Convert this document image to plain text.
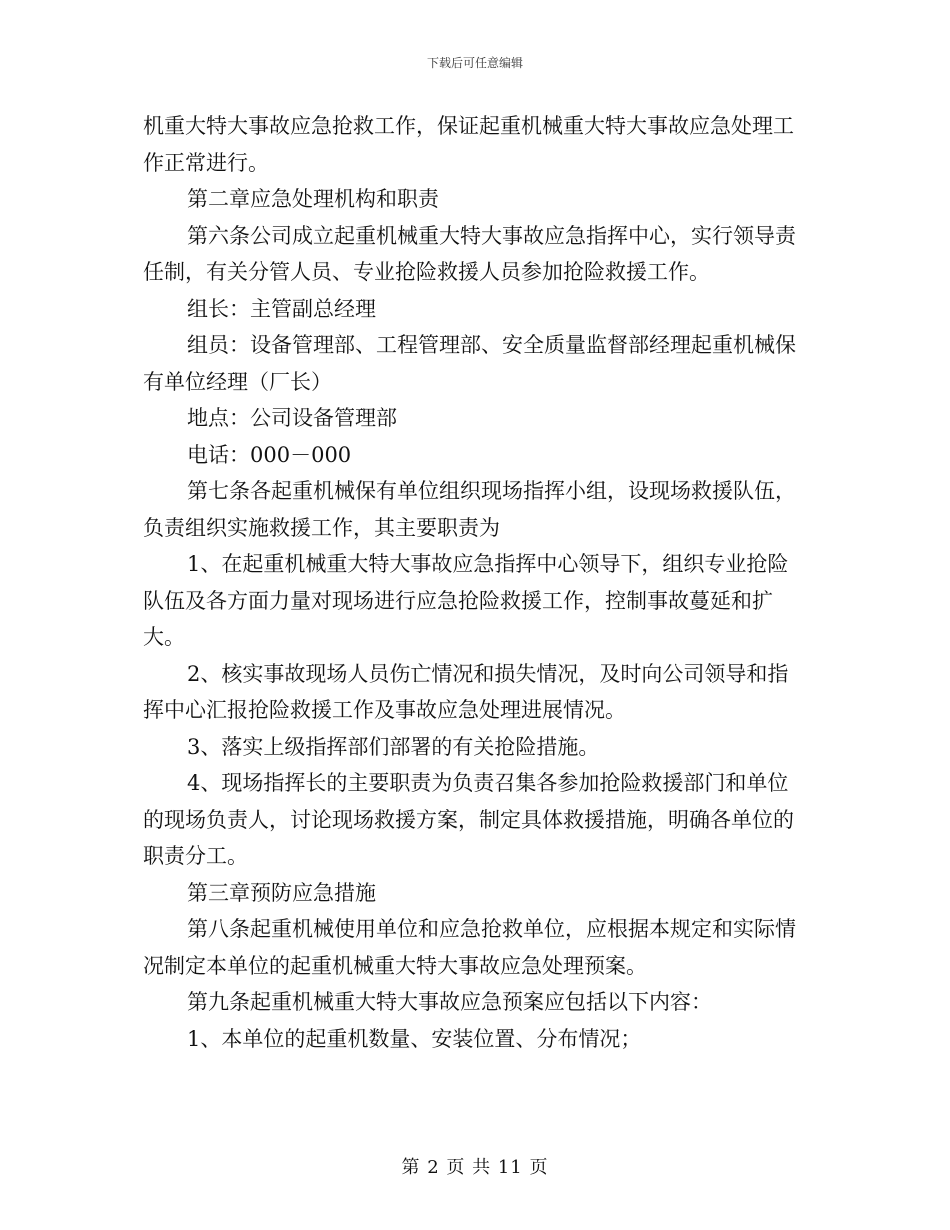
下载后可任意编辑

机重大特大事故应急抢救工作，保证起重机械重大特大事故应急处理工作正常进行。

第二章应急处理机构和职责

第六条公司成立起重机械重大特大事故应急指挥中心，实行领导责任制，有关分管人员、专业抢险救援人员参加抢险救援工作。

组长：主管副总经理

组员：设备管理部、工程管理部、安全质量监督部经理起重机械保有单位经理（厂长）

地点：公司设备管理部

电话：000－000

第七条各起重机械保有单位组织现场指挥小组，设现场救援队伍，负责组织实施救援工作，其主要职责为

1、在起重机械重大特大事故应急指挥中心领导下，组织专业抢险队伍及各方面力量对现场进行应急抢险救援工作，控制事故蔓延和扩大。

2、核实事故现场人员伤亡情况和损失情况，及时向公司领导和指挥中心汇报抢险救援工作及事故应急处理进展情况。

3、落实上级指挥部们部署的有关抢险措施。

4、现场指挥长的主要职责为负责召集各参加抢险救援部门和单位的现场负责人，讨论现场救援方案，制定具体救援措施，明确各单位的职责分工。

第三章预防应急措施

第八条起重机械使用单位和应急抢救单位，应根据本规定和实际情况制定本单位的起重机械重大特大事故应急处理预案。

第九条起重机械重大特大事故应急预案应包括以下内容：

1、本单位的起重机数量、安装位置、分布情况；

第 2 页 共 11 页
